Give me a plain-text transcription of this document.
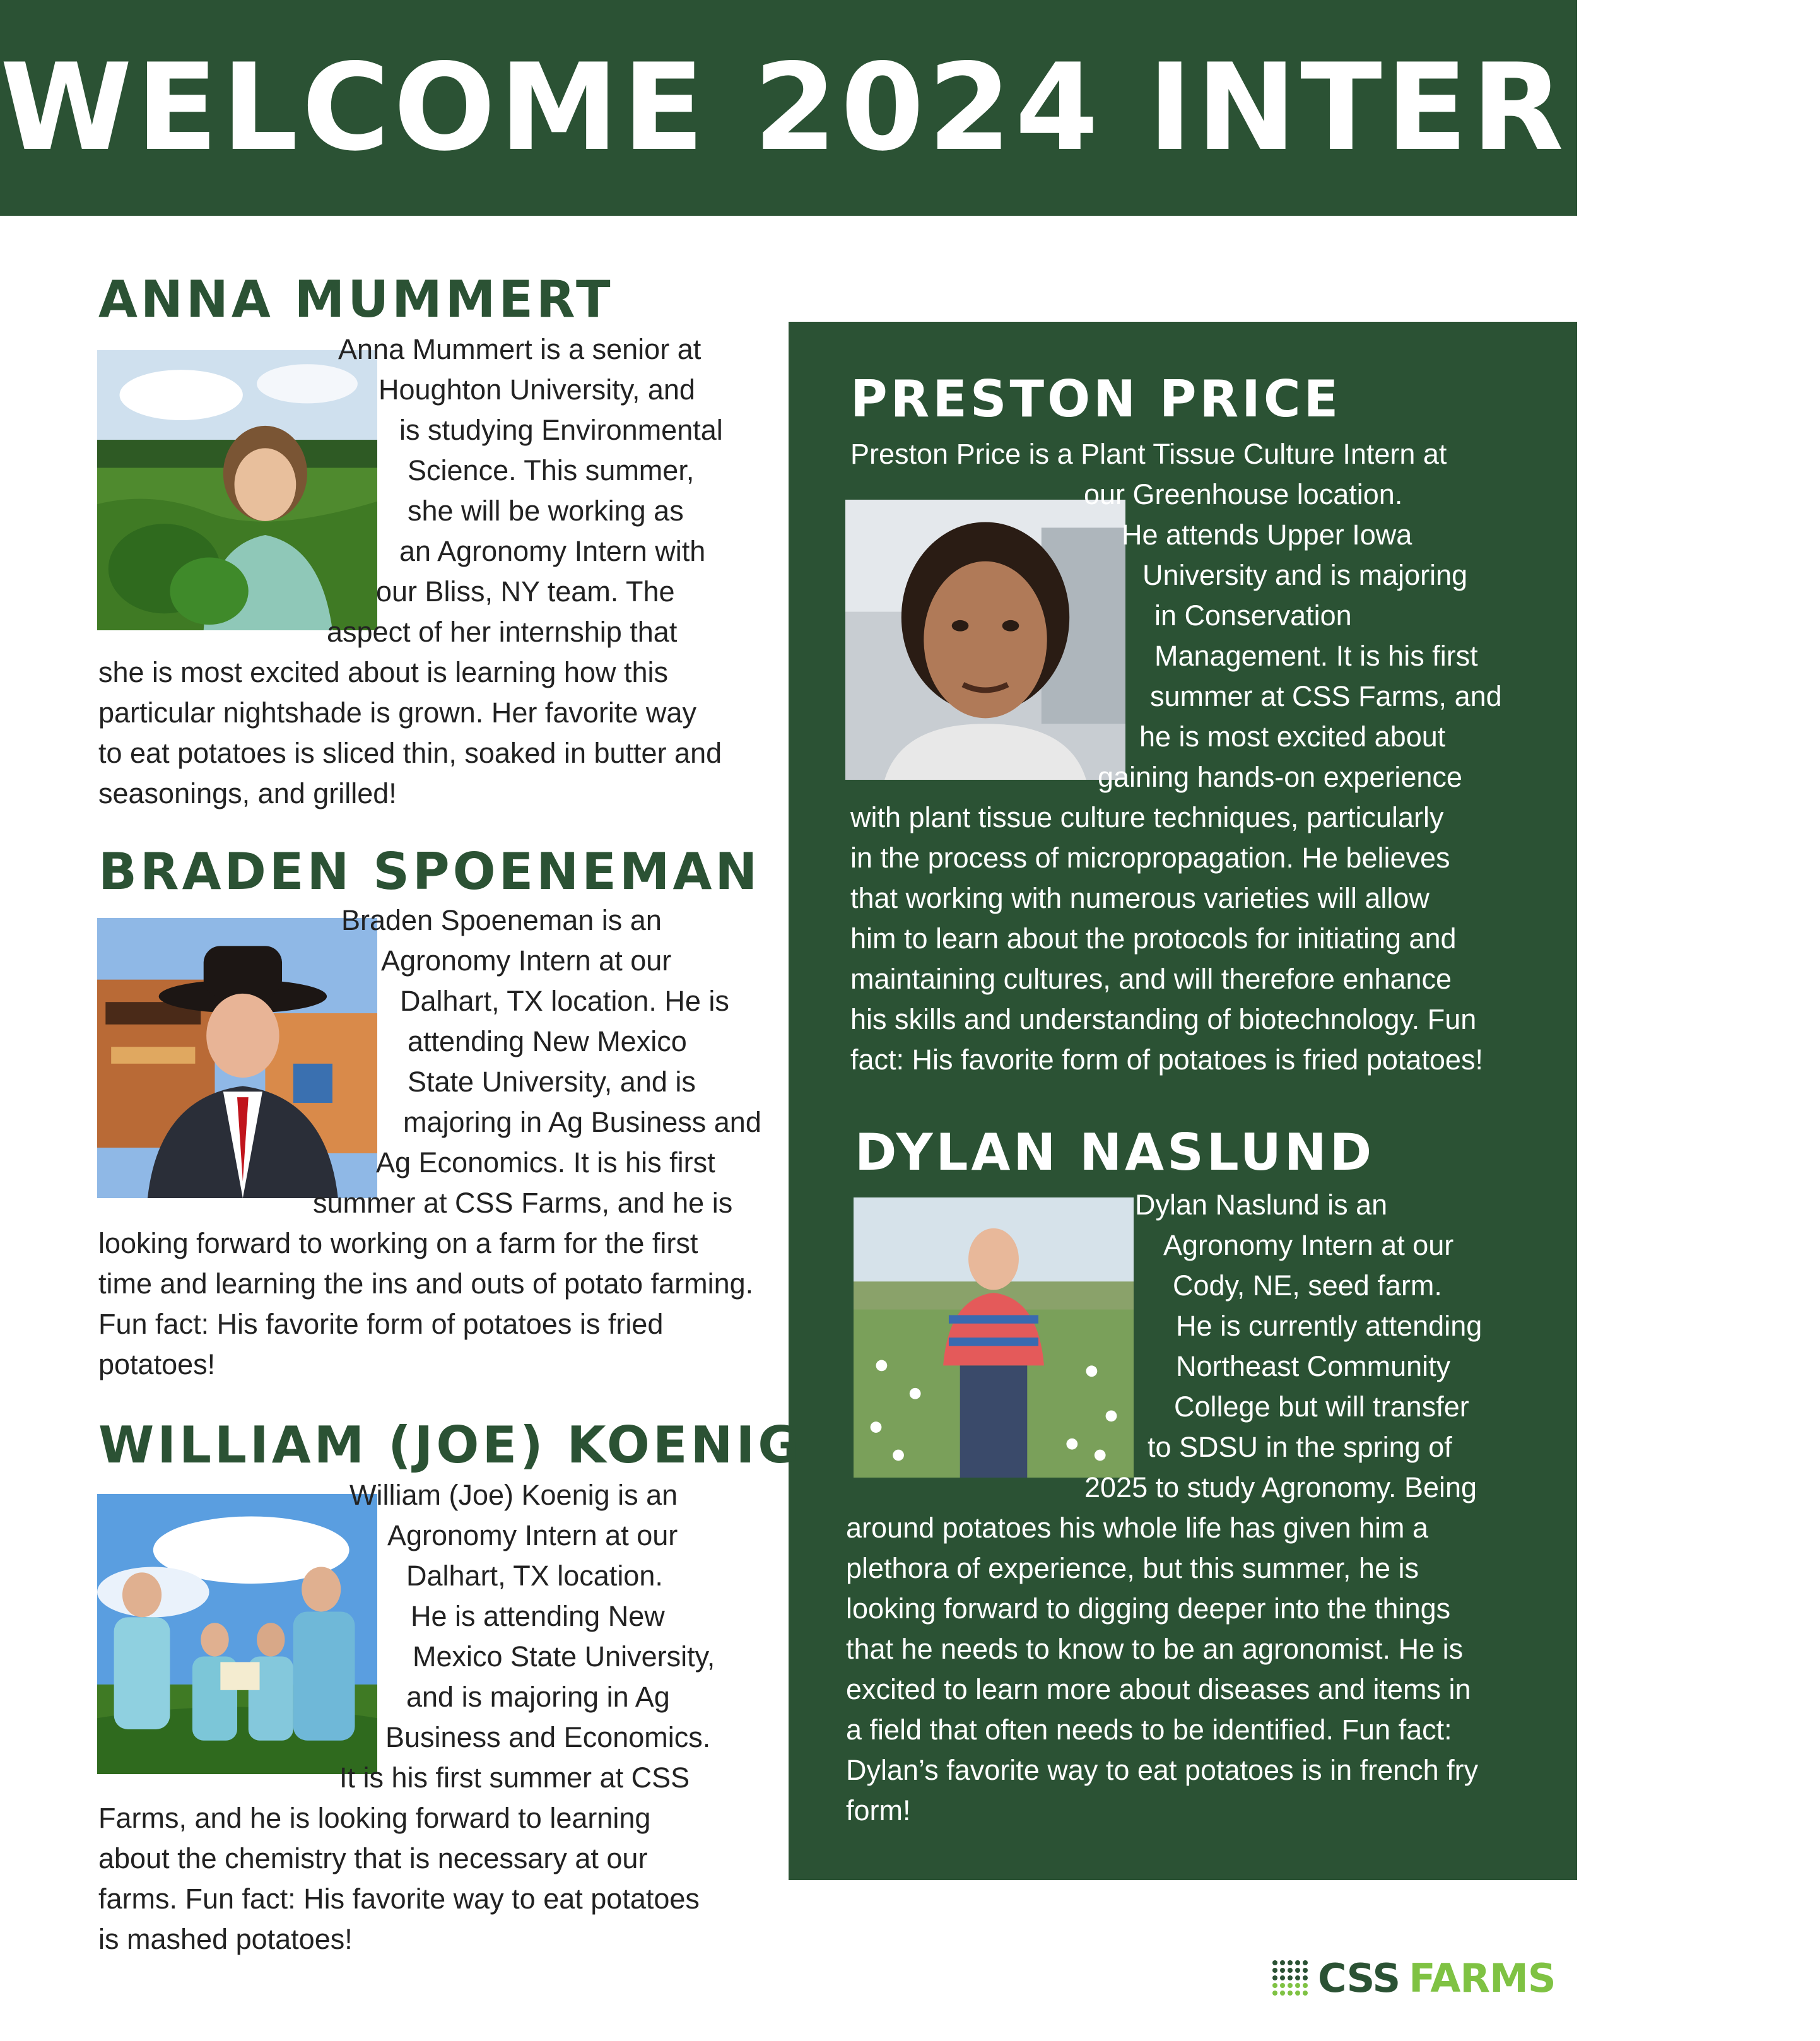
WELCOME 2024 INTERNS!
ANNA MUMMERT
Anna Mummert is a senior at
Houghton University, and
is studying Environmental
Science. This summer,
she will be working as
an Agronomy Intern with
our Bliss, NY team. The
aspect of her internship that
she is most excited about is learning how this
particular nightshade is grown. Her favorite way
to eat potatoes is sliced thin, soaked in butter and
seasonings, and grilled!
BRADEN SPOENEMAN
Braden Spoeneman is an
Agronomy Intern at our
Dalhart, TX location. He is
attending New Mexico
State University, and is
majoring in Ag Business and
Ag Economics. It is his first
summer at CSS Farms, and he is
looking forward to working on a farm for the first
time and learning the ins and outs of potato farming.
Fun fact: His favorite form of potatoes is fried
potatoes!
WILLIAM (JOE) KOENIG
William (Joe) Koenig is an
Agronomy Intern at our
Dalhart, TX location.
He is attending New
Mexico State University,
and is majoring in Ag
Business and Economics.
It is his first summer at CSS
Farms, and he is looking forward to learning
about the chemistry that is necessary at our
farms. Fun fact: His favorite way to eat potatoes
is mashed potatoes!
PRESTON PRICE
Preston Price is a Plant Tissue Culture Intern at
our Greenhouse location.
He attends Upper Iowa
University and is majoring
in Conservation
Management. It is his first
summer at CSS Farms, and
he is most excited about
gaining hands-on experience
with plant tissue culture techniques, particularly
in the process of micropropagation. He believes
that working with numerous varieties will allow
him to learn about the protocols for initiating and
maintaining cultures, and will therefore enhance
his skills and understanding of biotechnology. Fun
fact: His favorite form of potatoes is fried potatoes!
DYLAN NASLUND
Dylan Naslund is an
Agronomy Intern at our
Cody, NE, seed farm.
He is currently attending
Northeast Community
College but will transfer
to SDSU in the spring of
2025 to study Agronomy. Being
around potatoes his whole life has given him a
plethora of experience, but this summer, he is
looking forward to digging deeper into the things
that he needs to know to be an agronomist. He is
excited to learn more about diseases and items in
a field that often needs to be identified. Fun fact:
Dylan’s favorite way to eat potatoes is in french fry
form!
CSS FARMS
